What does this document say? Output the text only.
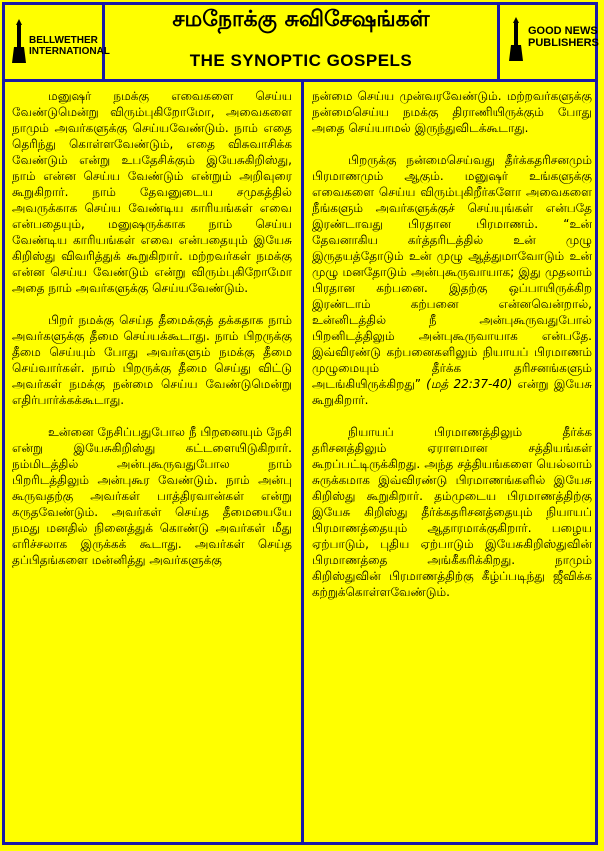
BELLWETHER
INTERNATIONAL
சமநோக்கு சுவிசேஷங்கள்
THE SYNOPTIC GOSPELS
GOOD NEWS
PUBLISHERS

மனுஷர் நமக்கு எவைகளை செய்ய வேண்டுமென்று விரும்புகிறோமோ, அவைகளை நாமும் அவர்களுக்கு செய்யவேண்டும். நாம் எதை தெரிந்து கொள்ளவேண்டும், எதை விசுவாசிக்க வேண்டும் என்று உபதேசிக்கும் இயேசுகிறிஸ்து, நாம் என்ன செய்ய வேண்டும் என்றும் அறிவுரை கூறுகிறார். நாம் தேவனுடைய சமுகத்தில் அவருக்காக செய்ய வேண்டிய காரியங்கள் எவை என்பதையும், மனுஷருக்காக நாம் செய்ய வேண்டிய காரியங்கள் எவை என்பதையும் இயேசு கிறிஸ்து விவரித்துக் கூறுகிறார். மற்றவர்கள் நமக்கு என்ன செய்ய வேண்டும் என்று விரும்புகிறோமோ அதை நாம் அவர்களுக்கு செய்யவேண்டும்.

பிறர் நமக்கு செய்த தீமைக்குத் தக்கதாக நாம் அவர்களுக்கு தீமை செய்யக்கூடாது. நாம் பிறருக்கு தீமை செய்யும் போது அவர்களும் நமக்கு தீமை செய்வார்கள். நாம் பிறருக்கு தீமை செய்து விட்டு அவர்கள் நமக்கு நன்மை செய்ய வேண்டுமென்று எதிர்பார்க்கக்கூடாது.

உன்னை நேசிப்பதுபோல நீ பிறனையும் நேசி என்று இயேசுகிறிஸ்து கட்டளையிடுகிறார். நம்மிடத்தில் அன்புகூருவதுபோல நாம் பிறரிடத்திலும் அன்புகூர வேண்டும். நாம் அன்பு கூருவதற்கு அவர்கள் பாத்திரவான்கள் என்று கருதவேண்டும். அவர்கள் செய்த தீமையையே நமது மனதில் நினைத்துக் கொண்டு அவர்கள் மீது எரிச்சலாக இருக்கக் கூடாது. அவர்கள் செய்த தப்பிதங்களை மன்னித்து அவர்களுக்கு

நன்மை செய்ய முன்வரவேண்டும். மற்றவர்களுக்கு நன்மைசெய்ய நமக்கு திராணியிருக்கும் போது அதை செய்யாமல் இருந்துவிடக்கூடாது.

பிறருக்கு நன்மைசெய்வது தீர்க்கதரிசனமும் பிரமாணமும் ஆகும். மனுஷர் உங்களுக்கு எவைகளை செய்ய விரும்புகிறீர்களோ அவைகளை நீங்களும் அவர்களுக்குச் செய்யுங்கள் என்பதே இரண்டாவது பிரதான பிரமாணம். “உன் தேவனாகிய கர்த்தரிடத்தில் உன் முழு இருதயத்தோடும் உன் முழு ஆத்துமாவோடும் உன் முழு மனதோடும் அன்புகூருவாயாக; இது முதலாம் பிரதான கற்பனை. இதற்கு ஒப்பாயிருக்கிற இரண்டாம் கற்பனை என்னவென்றால், உன்னிடத்தில் நீ அன்புகூருவதுபோல் பிறனிடத்திலும் அன்புகூருவாயாக என்பதே. இவ்விரண்டு கற்பனைகளிலும் நியாயப் பிரமாணம் முழுமையும் தீர்க்க தரிசனங்களும் அடங்கியிருக்கிறது” (மத் 22:37-40) என்று இயேசு கூறுகிறார்.

நியாயப் பிரமாணத்திலும் தீர்க்க தரிசனத்திலும் ஏராளமான சத்தியங்கள் கூறப்பட்டிருக்கிறது. அந்த சத்தியங்களை யெல்லாம் சுருக்கமாக இவ்விரண்டு பிரமாணங்களில் இயேசு கிறிஸ்து கூறுகிறார். தம்முடைய பிரமாணத்திற்கு இயேசு கிறிஸ்து தீர்க்கதரிசனத்தையும் நியாயப் பிரமாணத்தையும் ஆதாரமாக்குகிறார். பழைய ஏற்பாடும், புதிய ஏற்பாடும் இயேசுகிறிஸ்துவின் பிரமாணத்தை அங்கீகரிக்கிறது. நாமும் கிறிஸ்துவின் பிரமாணத்திற்கு கீழ்ப்படிந்து ஜீவிக்க கற்றுக்கொள்ளவேண்டும்.
